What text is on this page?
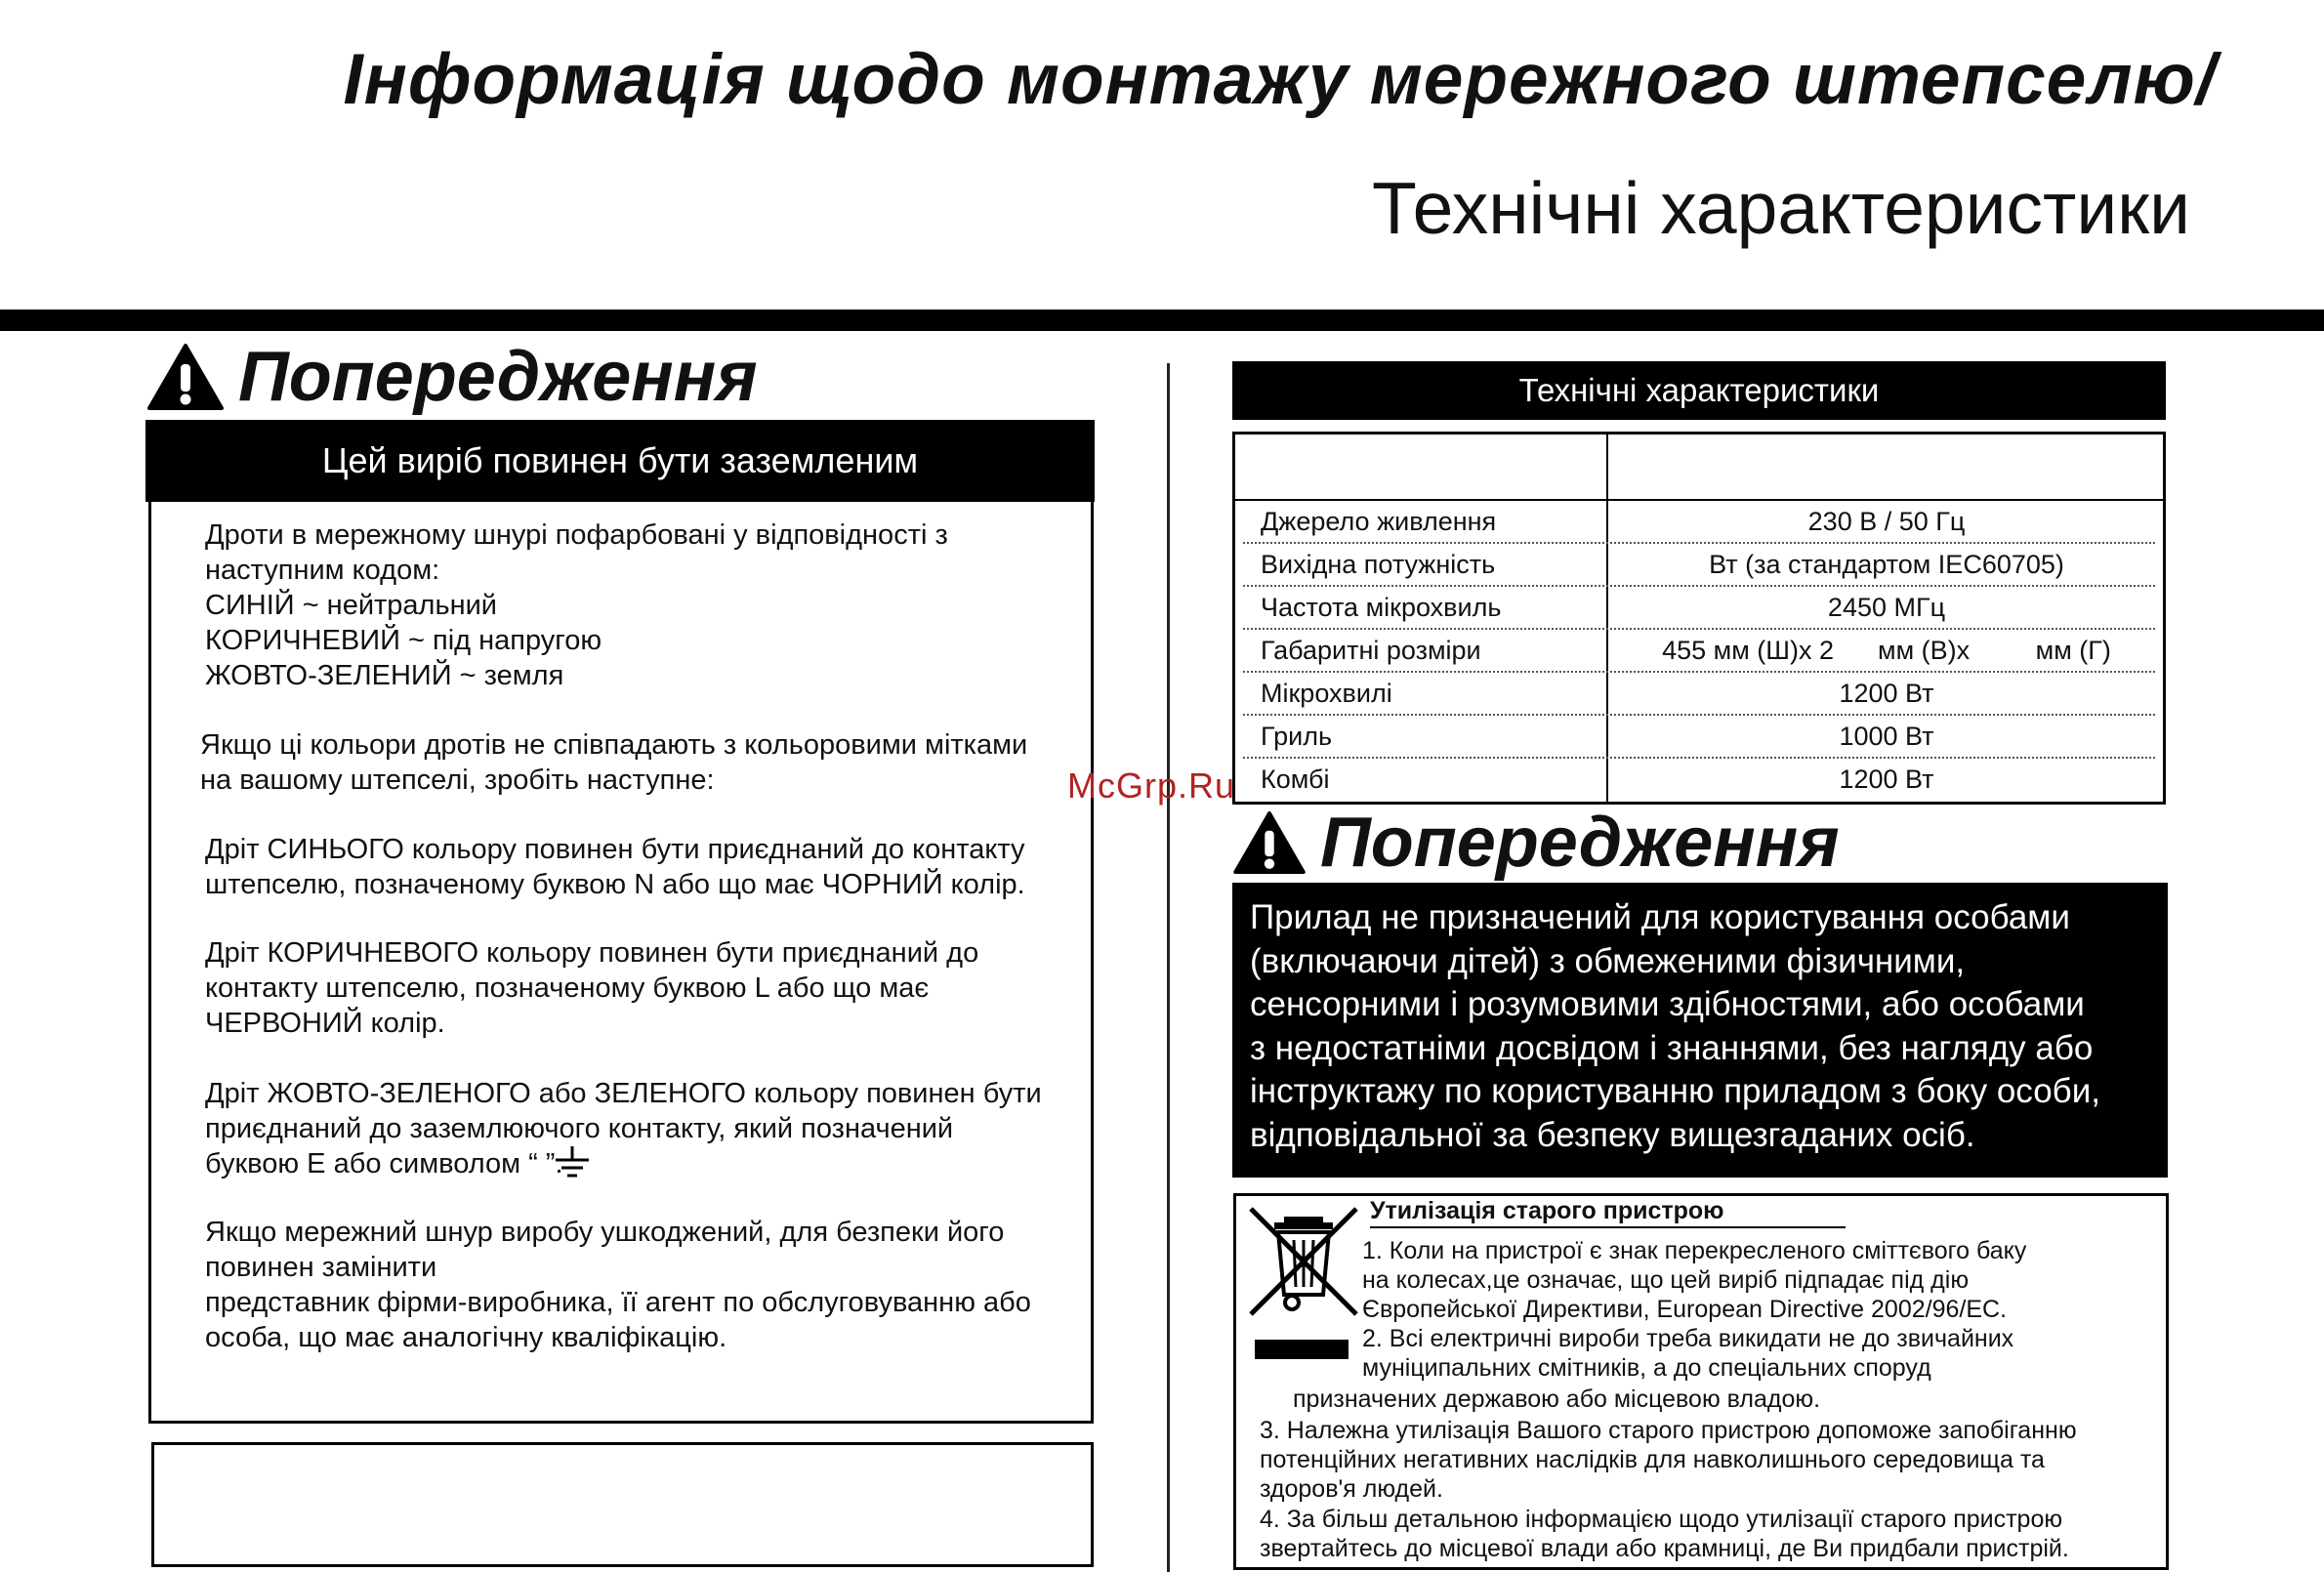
Інформація щодо монтажу мережного штепселю/
Технічні характеристики
Попередження
Цей виріб повинен бути заземленим
Дроти в мережному шнурі пофарбовані у відповідності з
наступним кодом:
СИНІЙ ~ нейтральний
КОРИЧНЕВИЙ ~ під напругою
ЖОВТО-ЗЕЛЕНИЙ ~ земля
Якщо ці кольори дротів не співпадають з кольоровими мітками
на вашому штепселі, зробіть наступне:
Дріт СИНЬОГО кольору повинен бути приєднаний до контакту
штепселю, позначеному буквою N або що має ЧОРНИЙ колір.
Дріт КОРИЧНЕВОГО кольору повинен бути приєднаний до
контакту штепселю, позначеному буквою L або що має
ЧЕРВОНИЙ колір.
Дріт ЖОВТО-ЗЕЛЕНОГО або ЗЕЛЕНОГО кольору повинен бути
приєднаний до заземлюючого контакту, який позначений
буквою E або символом “ ”.
Якщо мережний шнур виробу ушкоджений, для безпеки його
повинен замінити
представник фірми-виробника, її агент по обслуговуванню або
особа, що має аналогічну кваліфікацію.
Технічні характеристики
Джерело живлення	230 В / 50 Гц
Вихідна потужність	Вт (за стандартом IEC60705)
Частота мікрохвиль	2450 МГц
Габаритні розміри	455 мм (Ш)x 2      мм (В)x         мм (Г)
Мікрохвилі	1200 Вт
Гриль	1000 Вт
Комбі	1200 Вт
McGrp.Ru
Попередження
Прилад не призначений для користування особами
(включаючи дітей) з обмеженими фізичними,
сенсорними і розумовими здібностями, або особами
з недостатніми досвідом і знаннями, без нагляду або
інструктажу по користуванню приладом з боку особи,
відповідальної за безпеку вищезгаданих осіб.
Утилізація старого пристрою
1. Коли на пристрої є знак перекресленого сміттєвого баку
на колесах,це означає, що цей виріб підпадає під дію
Європейської Директиви, European Directive 2002/96/EC.
2. Всі електричні вироби треба викидати не до звичайних
муніципальних смітників, а до спеціальних споруд
призначених державою або місцевою владою.
3. Належна утилізація Вашого старого пристрою допоможе запобіганню
потенційних негативних наслідків для навколишнього середовища та
здоров'я людей.
4. За більш детальною інформацією щодо утилізації старого пристрою
звертайтесь до місцевої влади або крамниці, де Ви придбали пристрій.
